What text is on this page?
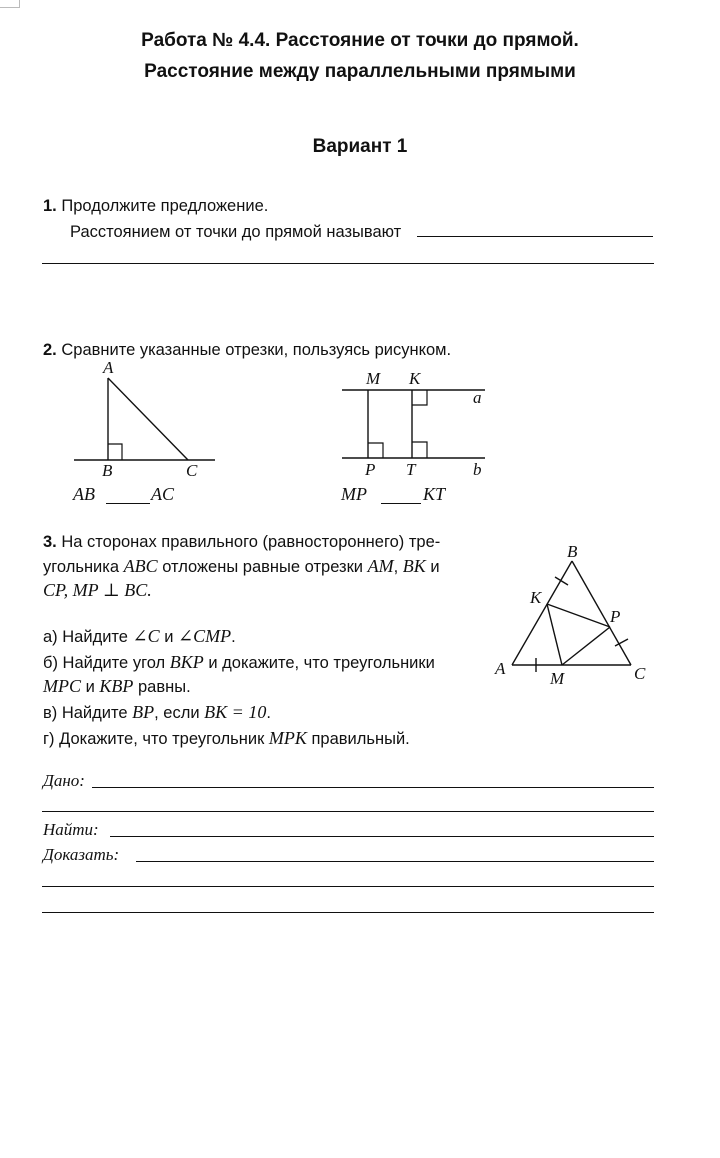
Работа № 4.4. Расстояние от точки до прямой.
Расстояние между параллельными прямыми
Вариант 1
1. Продолжите предложение.
Расстоянием от точки до прямой называют
2. Сравните указанные отрезки, пользуясь рисунком.
A
B	C
M K
a
P T	b
AB	AC	MP	KT
3. На сторонах правильного (равностороннего) тре-
угольника ABC отложены равные отрезки AM, BK и
CP, MP ⊥ BC.
а) Найдите ∠C и ∠CMP.
б) Найдите угол BKP и докажите, что треугольники
MPC и KBP равны.
в) Найдите BP, если BK = 10.
г) Докажите, что треугольник MPK правильный.
B
K
P
A	C
M
Дано:
Найти:
Доказать:
